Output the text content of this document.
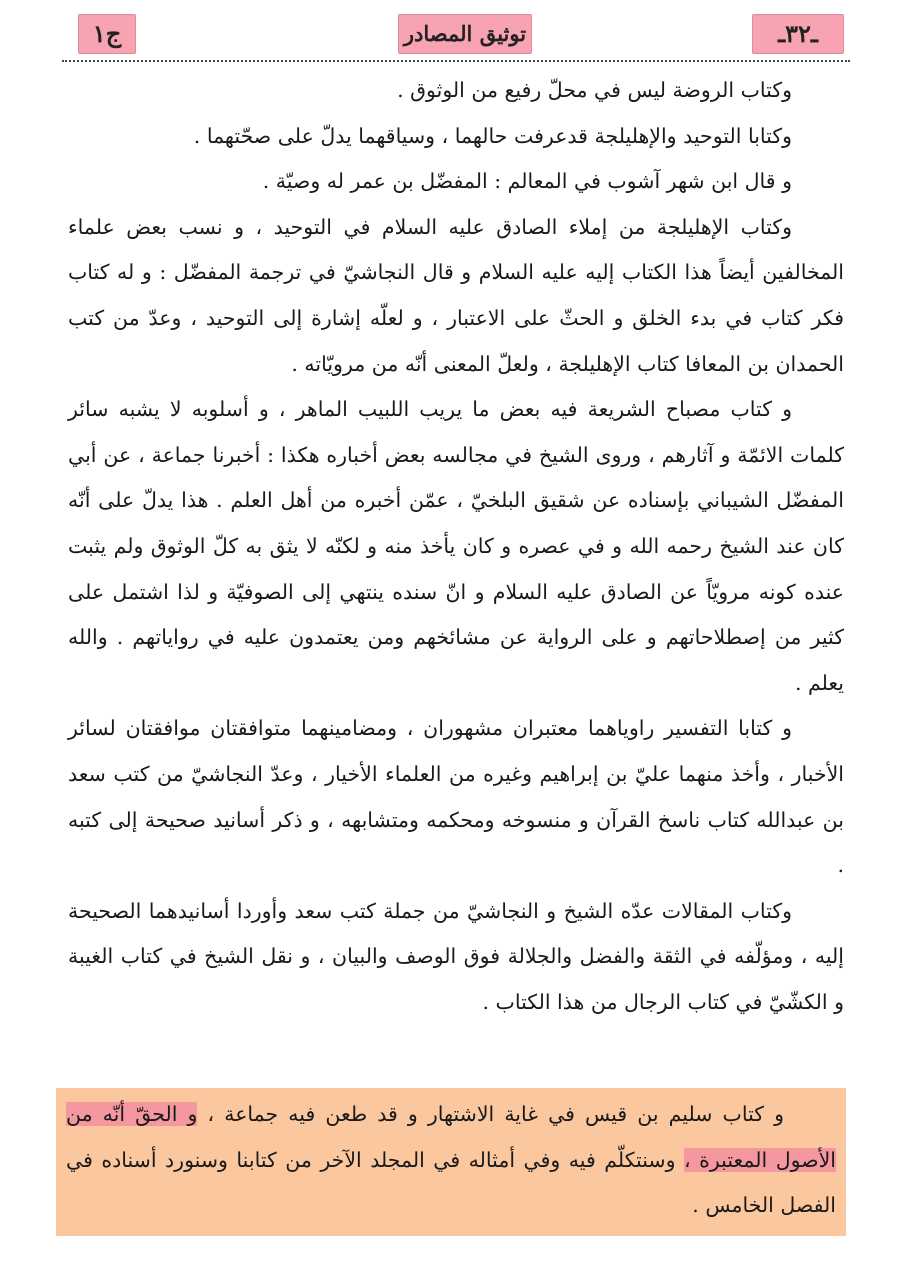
ـ٣٢ـ
توثيق المصادر
ج١

وكتاب الروضة ليس في محلّ رفيع من الوثوق .

وكتابا التوحيد والإهليلجة قدعرفت حالهما ، وسياقهما يدلّ على صحّتهما .

و قال ابن شهر آشوب في المعالم : المفضّل بن عمر له وصيّة .

وكتاب الإهليلجة من إملاء الصادق عليه السلام في التوحيد ، و نسب بعض علماء المخالفين أيضاً هذا الكتاب إليه عليه السلام و قال النجاشيّ في ترجمة المفضّل : و له كتاب فكر كتاب في بدء الخلق و الحثّ على الاعتبار ، و لعلّه إشارة إلى التوحيد ، وعدّ من كتب الحمدان بن المعافا كتاب الإهليلجة ، ولعلّ المعنى أنّه من مرويّاته .

و كتاب مصباح الشريعة فيه بعض ما يريب اللبيب الماهر ، و أسلوبه لا يشبه سائر كلمات الائمّة و آثارهم ، وروى الشيخ في مجالسه بعض أخباره هكذا : أخبرنا جماعة ، عن أبي المفضّل الشيباني بإسناده عن شقيق البلخيّ ، عمّن أخبره من أهل العلم . هذا يدلّ على أنّه كان عند الشيخ رحمه الله و في عصره و كان يأخذ منه و لكنّه لا يثق به كلّ الوثوق ولم يثبت عنده كونه مرويّاً عن الصادق عليه السلام و انّ سنده ينتهي إلى الصوفيّة و لذا اشتمل على كثير من إصطلاحاتهم و على الرواية عن مشائخهم ومن يعتمدون عليه في رواياتهم . والله يعلم .

و كتابا التفسير راوياهما معتبران مشهوران ، ومضامينهما متوافقتان موافقتان لسائر الأخبار ، وأخذ منهما عليّ بن إبراهيم وغيره من العلماء الأخيار ، وعدّ النجاشيّ من كتب سعد بن عبدالله كتاب ناسخ القرآن و منسوخه ومحكمه ومتشابهه ، و ذكر أسانيد صحيحة إلى كتبه .

وكتاب المقالات عدّه الشيخ و النجاشيّ من جملة كتب سعد وأوردا أسانيدهما الصحيحة إليه ، ومؤلّفه في الثقة والفضل والجلالة فوق الوصف والبيان ، و نقل الشيخ في كتاب الغيبة و الكشّيّ في كتاب الرجال من هذا الكتاب .

و كتاب سليم بن قيس في غاية الاشتهار و قد طعن فيه جماعة ، و الحقّ أنّه من الأصول المعتبرة ، وسنتكلّم فيه وفي أمثاله في المجلد الآخر من كتابنا وسنورد أسناده في الفصل الخامس .
